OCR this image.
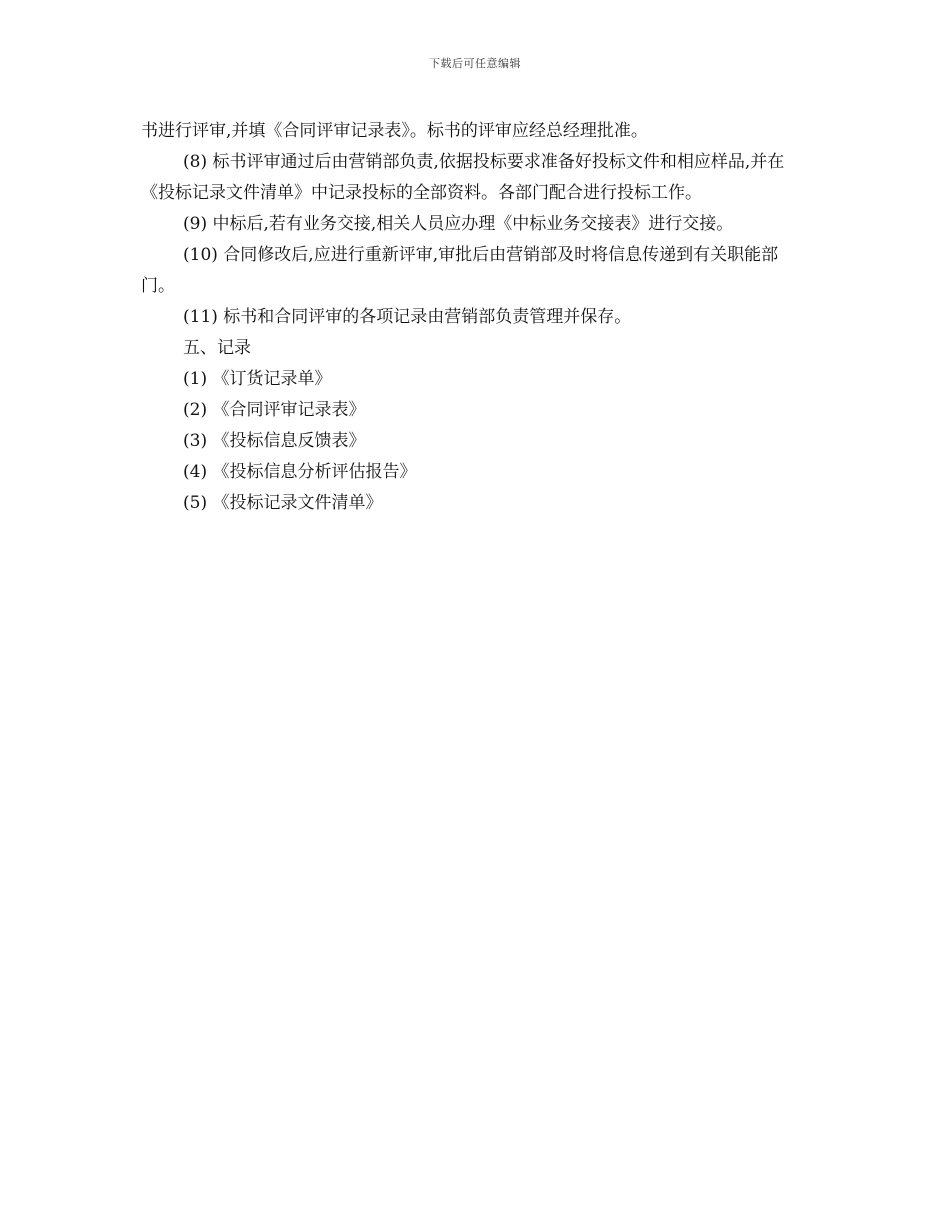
下载后可任意编辑

书进行评审,并填《合同评审记录表》。标书的评审应经总经理批准。

(8) 标书评审通过后由营销部负责,依据投标要求准备好投标文件和相应样品,并在《投标记录文件清单》中记录投标的全部资料。各部门配合进行投标工作。

(9) 中标后,若有业务交接,相关人员应办理《中标业务交接表》进行交接。

(10) 合同修改后,应进行重新评审,审批后由营销部及时将信息传递到有关职能部门。

(11) 标书和合同评审的各项记录由营销部负责管理并保存。

五、记录

(1) 《订货记录单》

(2) 《合同评审记录表》

(3) 《投标信息反馈表》

(4) 《投标信息分析评估报告》

(5) 《投标记录文件清单》
